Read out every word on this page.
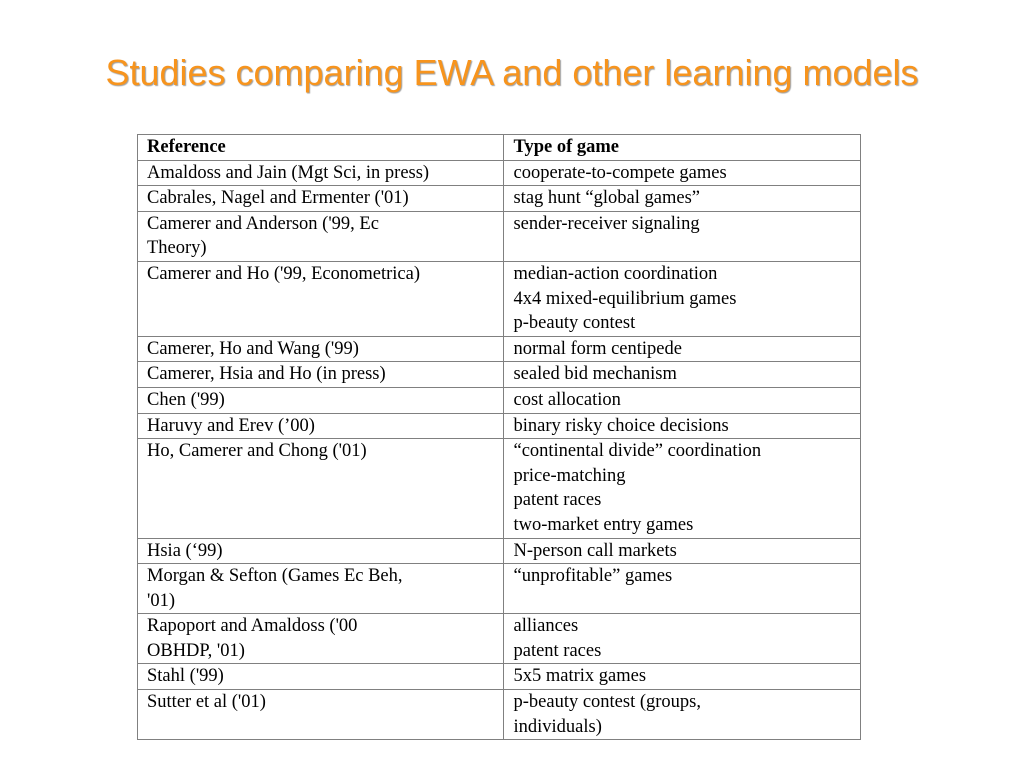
Studies comparing EWA and other learning models
Reference	Type of game

Amaldoss and Jain (Mgt Sci, in press)	cooperate-to-compete games

Cabrales, Nagel and Ermenter ('01)	stag hunt “global games”

Camerer and Anderson ('99, Ec
Theory)	sender-receiver signaling

Camerer and Ho ('99, Econometrica)	median-action coordination
4x4 mixed-equilibrium games
p-beauty contest

Camerer, Ho and Wang ('99)	normal form centipede

Camerer, Hsia and Ho (in press)	sealed bid mechanism

Chen ('99)	cost allocation

Haruvy and Erev (’00)	binary risky choice decisions

Ho, Camerer and Chong ('01)	“continental divide” coordination
price-matching
patent races
two-market entry games

Hsia (‘99)	N-person call markets

Morgan & Sefton (Games Ec Beh,
'01)	“unprofitable” games

Rapoport and Amaldoss ('00
OBHDP, '01)	alliances
patent races

Stahl ('99)	5x5 matrix games

Sutter et al ('01)	p-beauty contest (groups,
individuals)
